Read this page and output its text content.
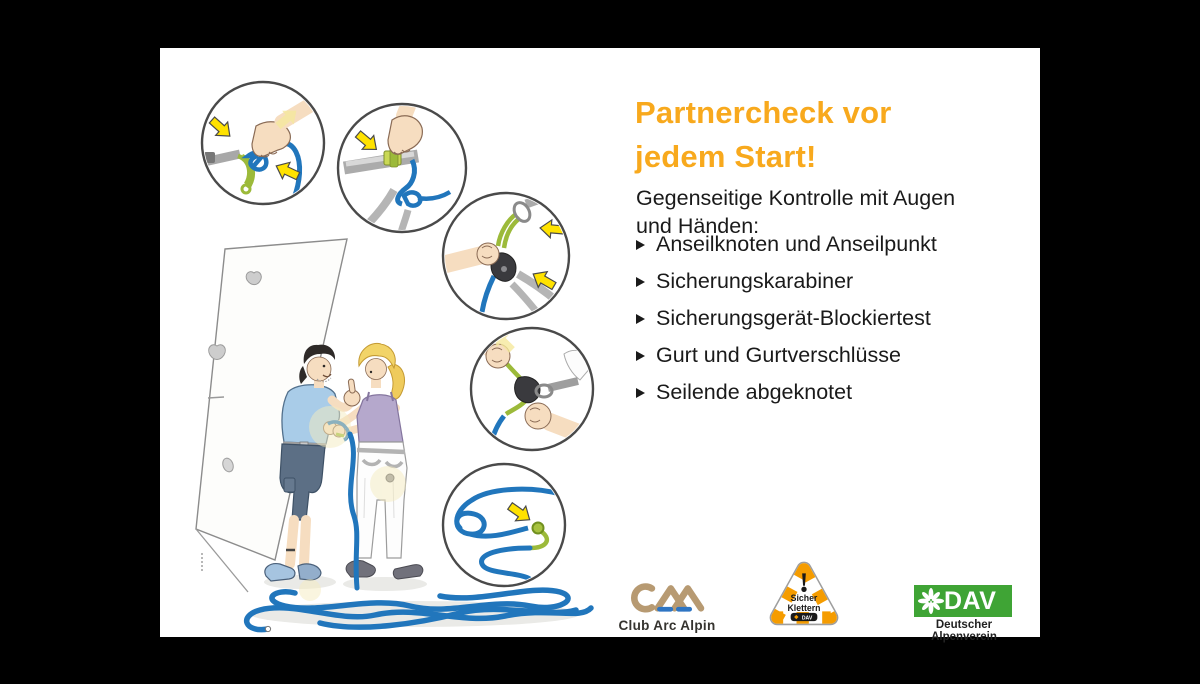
Partnercheck vor
jedem Start!

Gegenseitige Kontrolle mit Augen
und Händen:

Anseilknoten und Anseilpunkt
Sicherungskarabiner
Sicherungsgerät-Blockiertest
Gurt und Gurtverschlüsse
Seilende abgeknotet
Club Arc Alpin
Sicher
Klettern
DAV
DAV
Deutscher Alpenverein
